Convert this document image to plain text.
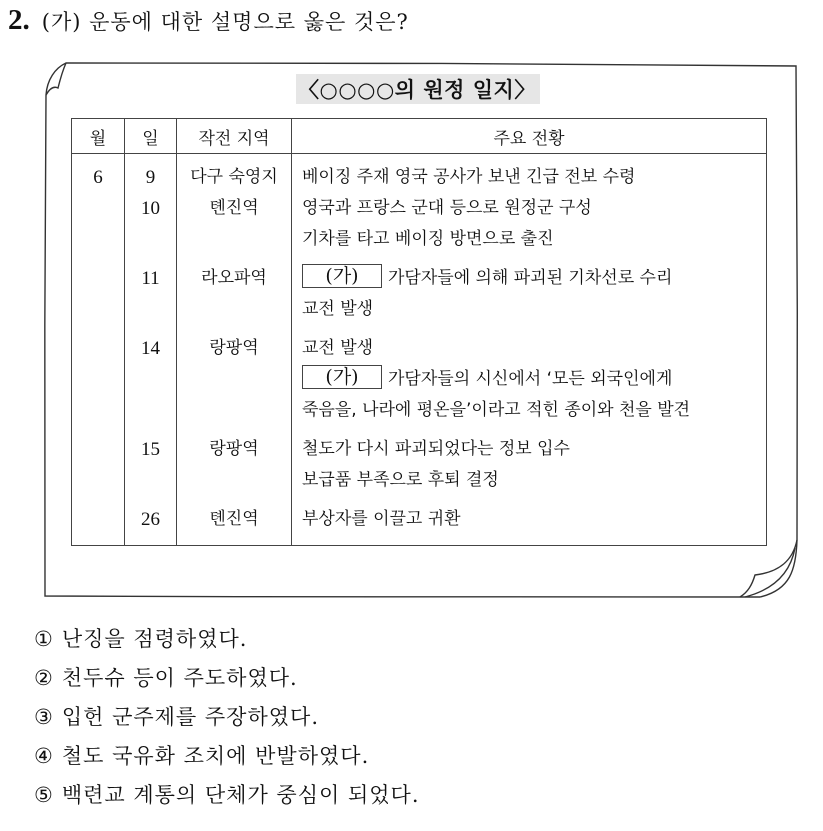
2. (가) 운동에 대한 설명으로 옳은 것은?
〈○○○○의 원정 일지〉
월	일	작전 지역	주요 전황

6	9	다구 숙영지	베이징 주재 영국 공사가 보낸 긴급 전보 수령

	10	톈진역	영국과 프랑스 군대 등으로 원정군 구성
기차를 타고 베이징 방면으로 출진

	11	라오파역	(가) 가담자들에 의해 파괴된 기차선로 수리
교전 발생

	14	랑팡역	교전 발생
(가) 가담자들의 시신에서 ‘모든 외국인에게
죽음을, 나라에 평온을’이라고 적힌 종이와 천을 발견

	15	랑팡역	철도가 다시 파괴되었다는 정보 입수
보급품 부족으로 후퇴 결정

	26	톈진역	부상자를 이끌고 귀환
① 난징을 점령하였다.
② 천두슈 등이 주도하였다.
③ 입헌 군주제를 주장하였다.
④ 철도 국유화 조치에 반발하였다.
⑤ 백련교 계통의 단체가 중심이 되었다.
